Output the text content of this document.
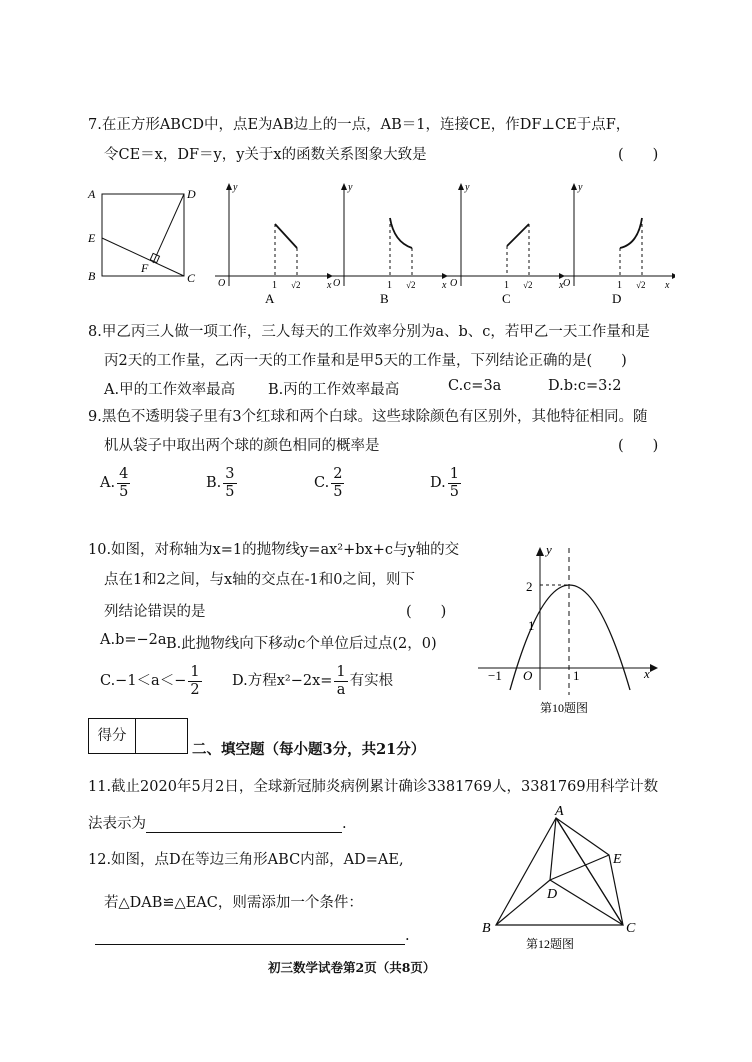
7.在正方形ABCD中，点E为AB边上的一点，AB＝1，连接CE，作DF⊥CE于点F，
令CE＝x，DF＝y，y关于x的函数关系图象大致是	(　　)
A	D
E
F
B	C
y
x
O	1 √2
A
y
x
O	1 √2
B
y
x
O	1 √2
C
y
x
O	1 √2
D
8.甲乙丙三人做一项工作，三人每天的工作效率分别为a、b、c，若甲乙一天工作量和是
丙2天的工作量，乙丙一天的工作量和是甲5天的工作量，下列结论正确的是(　　)
A.甲的工作效率最高 B.丙的工作效率最高	C.c=3a	D.b:c=3:2
9.黑色不透明袋子里有3个红球和两个白球。这些球除颜色有区别外，其他特征相同。随
机从袋子中取出两个球的颜色相同的概率是	(　　)
A. $\frac{4}{5}$	B. $\frac{3}{5}$	C. $\frac{2}{5}$	D. $\frac{1}{5}$
10.如图，对称轴为x=1的抛物线y=ax²+bx+c与y轴的交
点在1和2之间，与x轴的交点在-1和0之间，则下
列结论错误的是	(　　)
A.b=−2a B.此抛物线向下移动c个单位后过点(2，0)
$C.-1<a<- \frac{1}{2} D$.方程$x^2-2x= \frac{1}{a}$ 有实根
y
x
O
2
1
−1	1
第10题图
得分
二、填空题（每小题3分，共21分）
11.截止2020年5月2日，全球新冠肺炎病例累计确诊3381769人，3381769用科学计数
法表示为	.
12.如图，点D在等边三角形ABC内部，AD=AE,
若△DAB≌△EAC，则需添加一个条件：
.
A
E
D
B	C
第12题图
初三数学试卷第2页（共8页）
